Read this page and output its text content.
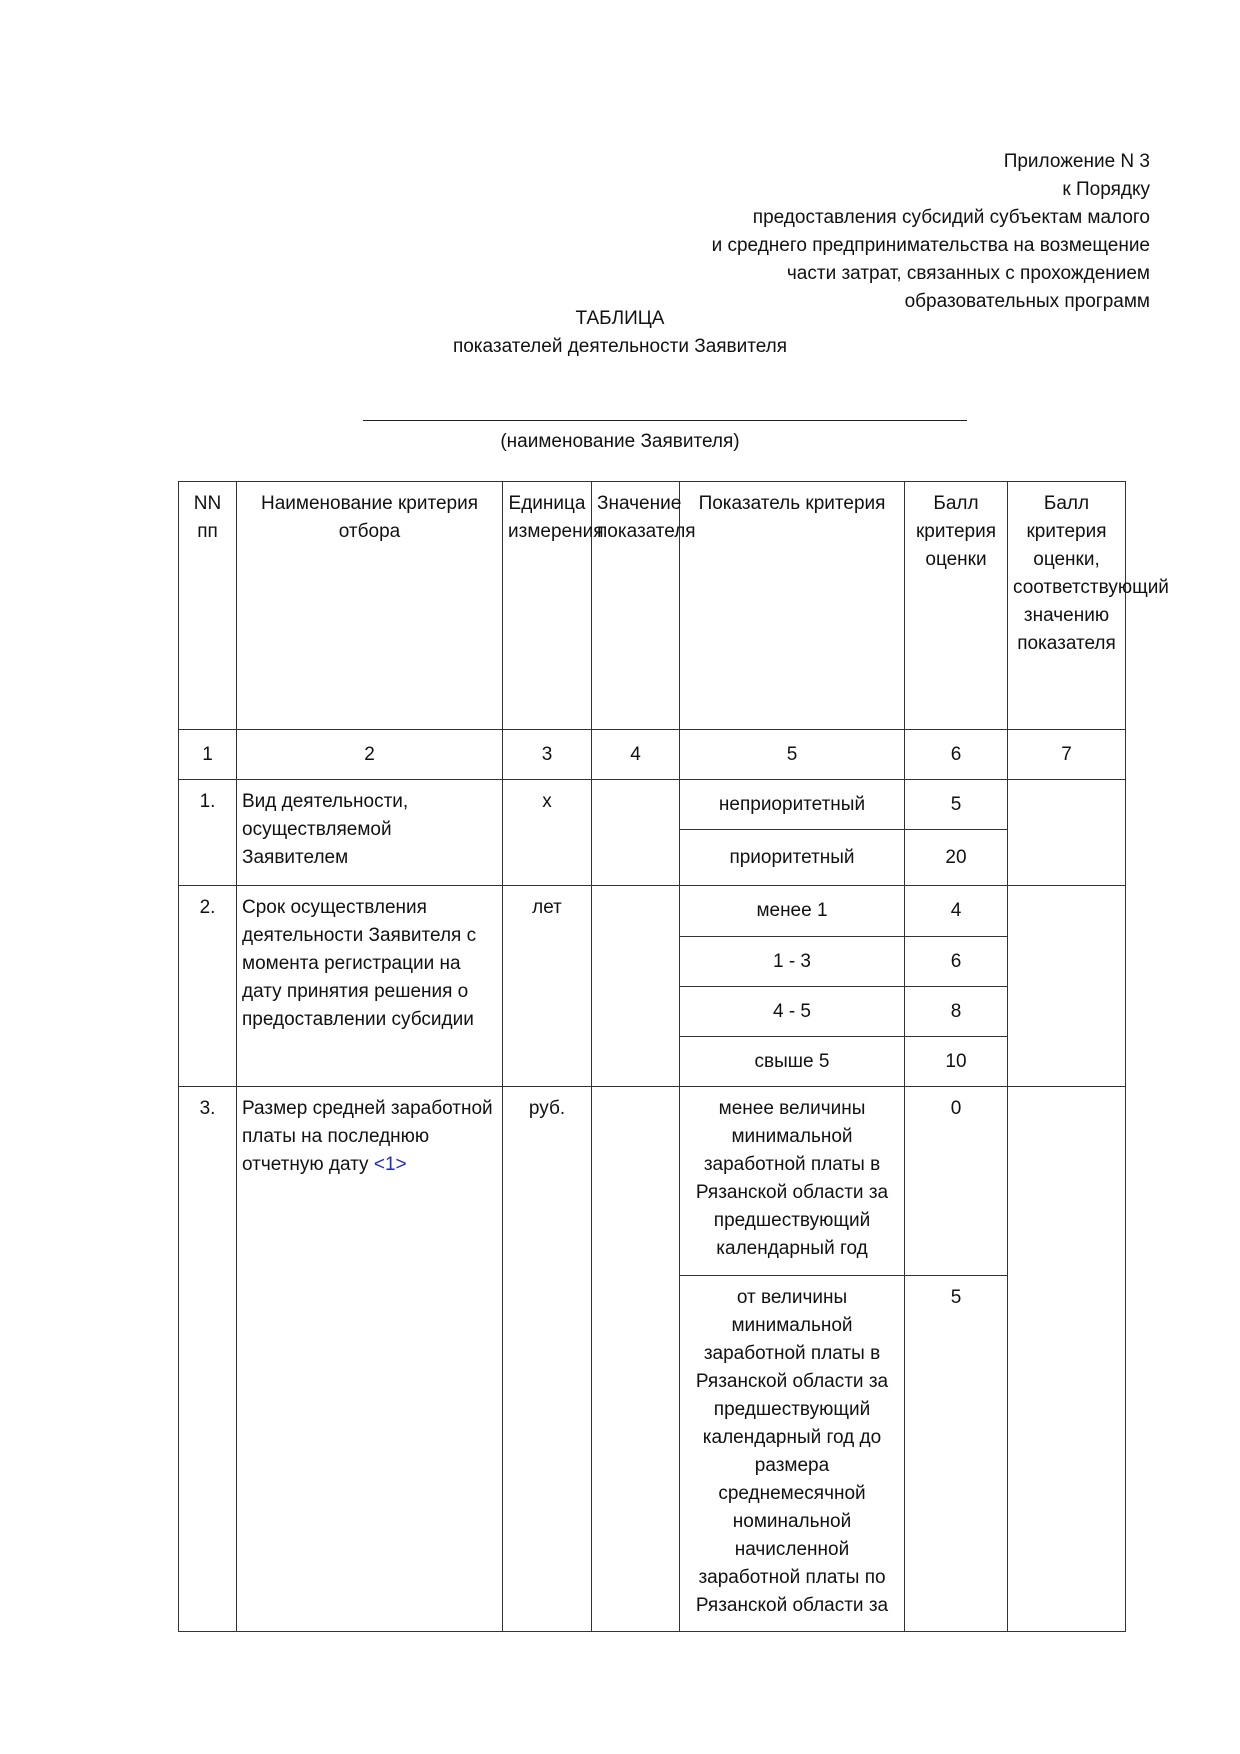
Приложение N 3
к Порядку
предоставления субсидий субъектам малого
и среднего предпринимательства на возмещение
части затрат, связанных с прохождением
образовательных программ
ТАБЛИЦА
показателей деятельности Заявителя
(наименование Заявителя)
NN пп	Наименование критерия отбора	Единица измерения	Значение показателя	Показатель критерия	Балл критерия оценки	Балл критерия оценки, соответствующий значению показателя
1	2	3	4	5	6	7
1.	Вид деятельности, осуществляемой Заявителем	х		неприоритетный	5	
				приоритетный	20	
2.	Срок осуществления деятельности Заявителя с момента регистрации на дату принятия решения о предоставлении субсидии	лет		менее 1	4	
				1 - 3	6	
				4 - 5	8	
				свыше 5	10	
3.	Размер средней заработной платы на последнюю отчетную дату <1>	руб.		менее величины минимальной заработной платы в Рязанской области за предшествующий календарный год	0	
				от величины минимальной заработной платы в Рязанской области за предшествующий календарный год до размера среднемесячной номинальной начисленной заработной платы по Рязанской области за	5	
